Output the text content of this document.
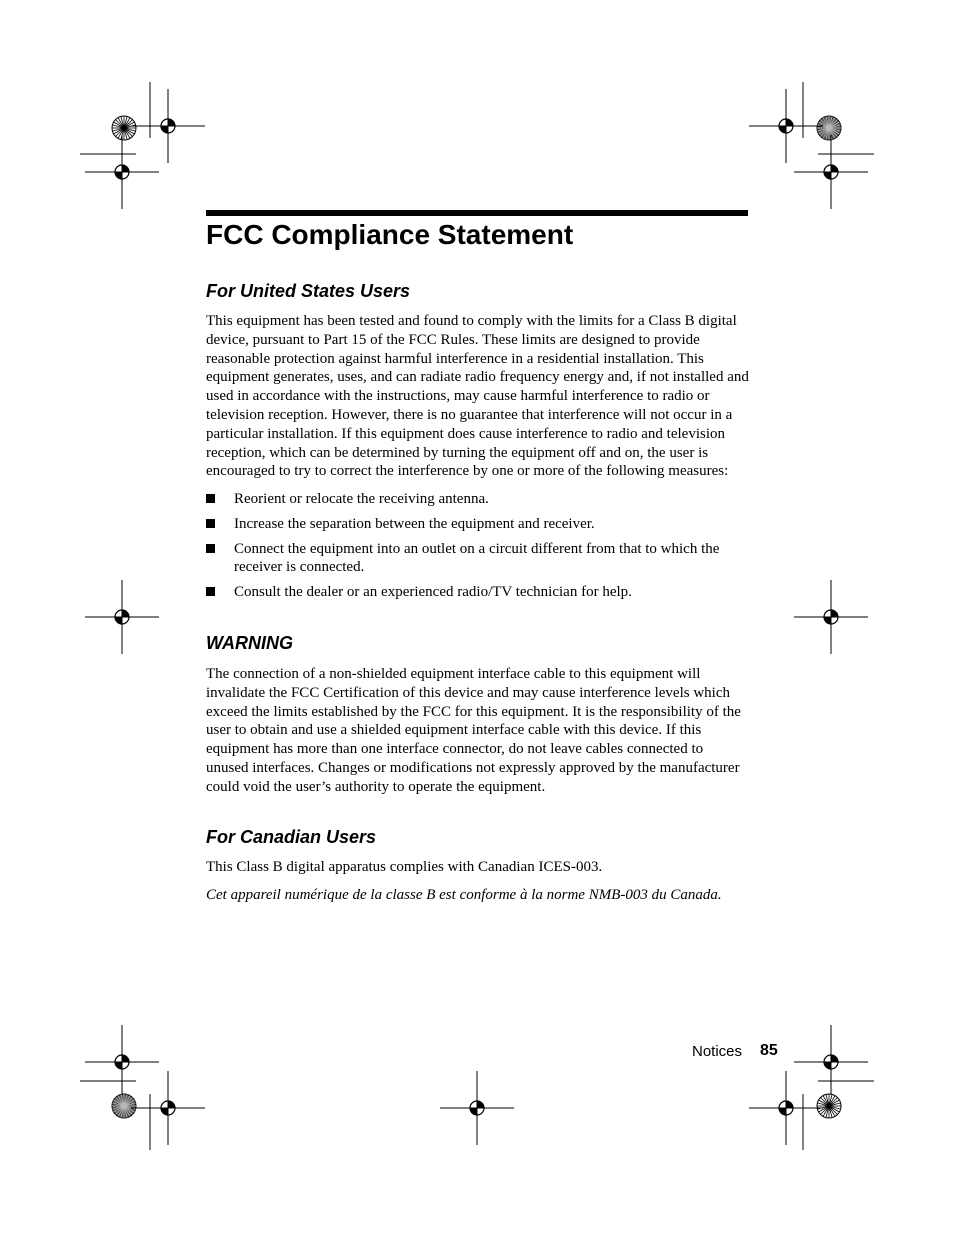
FCC Compliance Statement
For United States Users
This equipment has been tested and found to comply with the limits for a Class B digital
device, pursuant to Part 15 of the FCC Rules. These limits are designed to provide
reasonable protection against harmful interference in a residential installation. This
equipment generates, uses, and can radiate radio frequency energy and, if not installed and
used in accordance with the instructions, may cause harmful interference to radio or
television reception. However, there is no guarantee that interference will not occur in a
particular installation. If this equipment does cause interference to radio and television
reception, which can be determined by turning the equipment off and on, the user is
encouraged to try to correct the interference by one or more of the following measures:
Reorient or relocate the receiving antenna.
Increase the separation between the equipment and receiver.
Connect the equipment into an outlet on a circuit different from that to which the receiver is connected.
Consult the dealer or an experienced radio/TV technician for help.
WARNING
The connection of a non-shielded equipment interface cable to this equipment will
invalidate the FCC Certification of this device and may cause interference levels which
exceed the limits established by the FCC for this equipment. It is the responsibility of the
user to obtain and use a shielded equipment interface cable with this device. If this
equipment has more than one interface connector, do not leave cables connected to
unused interfaces. Changes or modifications not expressly approved by the manufacturer
could void the user’s authority to operate the equipment.
For Canadian Users
This Class B digital apparatus complies with Canadian ICES-003.
Cet appareil numérique de la classe B est conforme à la norme NMB-003 du Canada.
Notices 85
